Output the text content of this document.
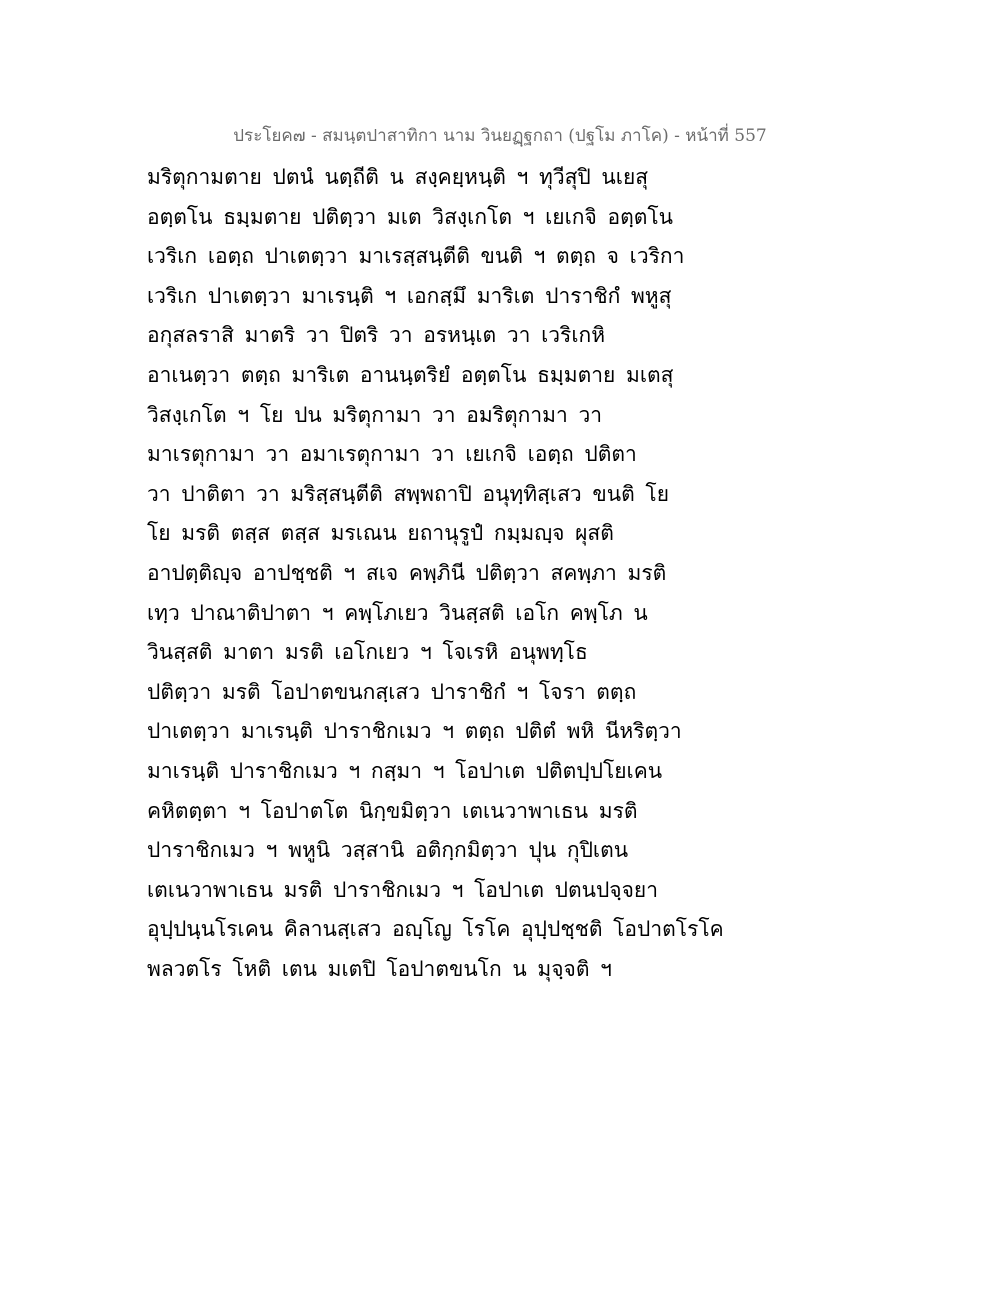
ประโยค๗ - สมนฺตปาสาทิกา นาม วินยฏฺฐกถา (ปฐโม ภาโค) - หน้าที่ 557
มริตุกามตาย ปตนํ นตฺถีติ น สงฺคยฺหนฺติ ฯ ทุวีสุปิ นเยสุ
อตฺตโน ธมฺมตาย ปติตฺวา มเต วิสงฺเกโต ฯ เยเกจิ อตฺตโน
เวริเก เอตฺถ ปาเตตฺวา มาเรสฺสนฺตีติ ขนติ ฯ ตตฺถ จ เวริกา
เวริเก ปาเตตฺวา มาเรนฺติ ฯ เอกสฺมึ มาริเต ปาราชิกํ พหูสุ
อกุสลราสิ มาตริ วา ปิตริ วา อรหนฺเต วา เวริเกหิ
อาเนตฺวา ตตฺถ มาริเต อานนฺตริยํ อตฺตโน ธมฺมตาย มเตสุ
วิสงฺเกโต ฯ โย ปน มริตุกามา วา อมริตุกามา วา
มาเรตุกามา วา อมาเรตุกามา วา เยเกจิ เอตฺถ ปติตา
วา ปาติตา วา มริสฺสนฺตีติ สพฺพถาปิ อนุทฺทิสฺเสว ขนติ โย
โย มรติ ตสฺส ตสฺส มรเณน ยถานุรูปํ กมฺมญฺจ ผุสติ
อาปตฺติญฺจ อาปชฺชติ ฯ สเจ คพฺภินี ปติตฺวา สคพฺภา มรติ
เทฺว ปาณาติปาตา ฯ คพฺโภเยว วินสฺสติ เอโก คพฺโภ น
วินสฺสติ มาตา มรติ เอโกเยว ฯ โจเรหิ อนุพทฺโธ
ปติตฺวา มรติ โอปาตขนกสฺเสว ปาราชิกํ ฯ โจรา ตตฺถ
ปาเตตฺวา มาเรนฺติ ปาราชิกเมว ฯ ตตฺถ ปติตํ พหิ นีหริตฺวา
มาเรนฺติ ปาราชิกเมว ฯ กสฺมา ฯ โอปาเต ปติตปฺปโยเคน
คหิตตฺตา ฯ โอปาตโต นิกฺขมิตฺวา เตเนวาพาเธน มรติ
ปาราชิกเมว ฯ พหูนิ วสฺสานิ อติกฺกมิตฺวา ปุน กุปิเตน
เตเนวาพาเธน มรติ ปาราชิกเมว ฯ โอปาเต ปตนปจฺจยา
อุปฺปนฺนโรเคน คิลานสฺเสว อญฺโญ โรโค อุปฺปชฺชติ โอปาตโรโค
พลวตโร โหติ เตน มเตปิ โอปาตขนโก น มุจฺจติ ฯ
